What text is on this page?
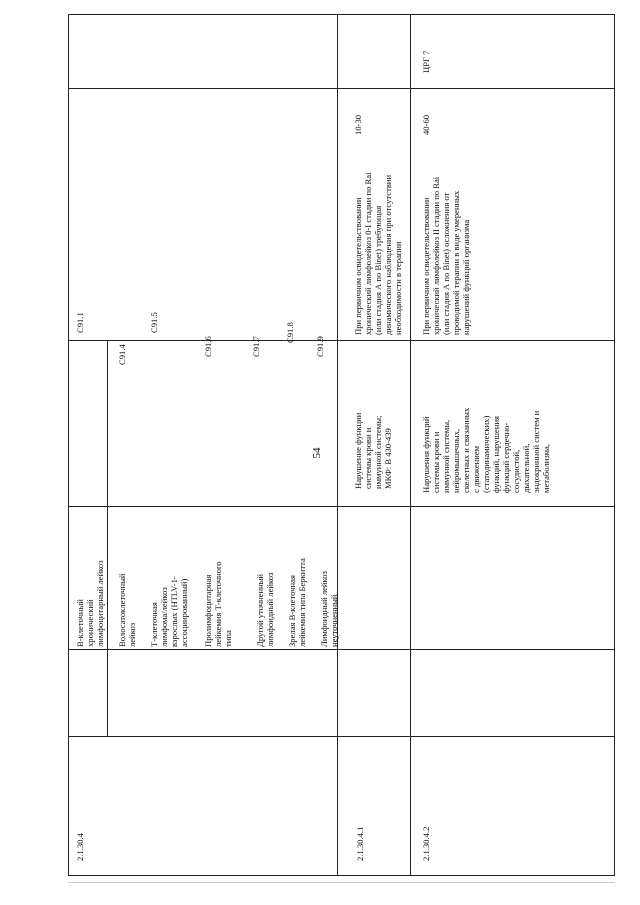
54
2.1.30.4
В-клеточный
хронический
лимфоцитарный лейкоз
Волосатоклеточный
лейкоз Т-клеточная
лимфома/лейкоз
взрослых (HTLV-1-
ассоциированный) Пролимфоцитарная
лейкемия Т-клеточного
типа	Другой уточненный
лимфоидный лейкоз
Зрелая В-клеточная
лейкемия типа Беркитта
Лимфоидный лейкоз
неуточненный
C91.1
C91.4
C91.5
C91.6	C91.7
C91.8
C91.9
2.1.30.4.1
Нарушение функции
системы крови и
иммунной системы;
МКФ: В 430-439
При первичном освидетельствовании
хронический лимфолейкоз 0-I стадии по Rai
(или стадия А по Binet) требующая
динамического наблюдения при отсутствии
необходимости в терапии
10-30
2.1.30.4.2
Нарушения функций
системы крови и
иммунной системы,
нейромышечных,
скелетных и связанных
с движением
(статодинамических)
функций, нарушения
функций сердечно-
сосудистой,
дыхательной,
эндокринной систем и
метаболизма,
При первичном освидетельствовании
хронический лимфолейкоз II стадии по Rai
(или стадия А по Binet) осложнения от
проводимой терапии в виде умеренных
нарушений функций организма
40-60
ЦРГ 7
